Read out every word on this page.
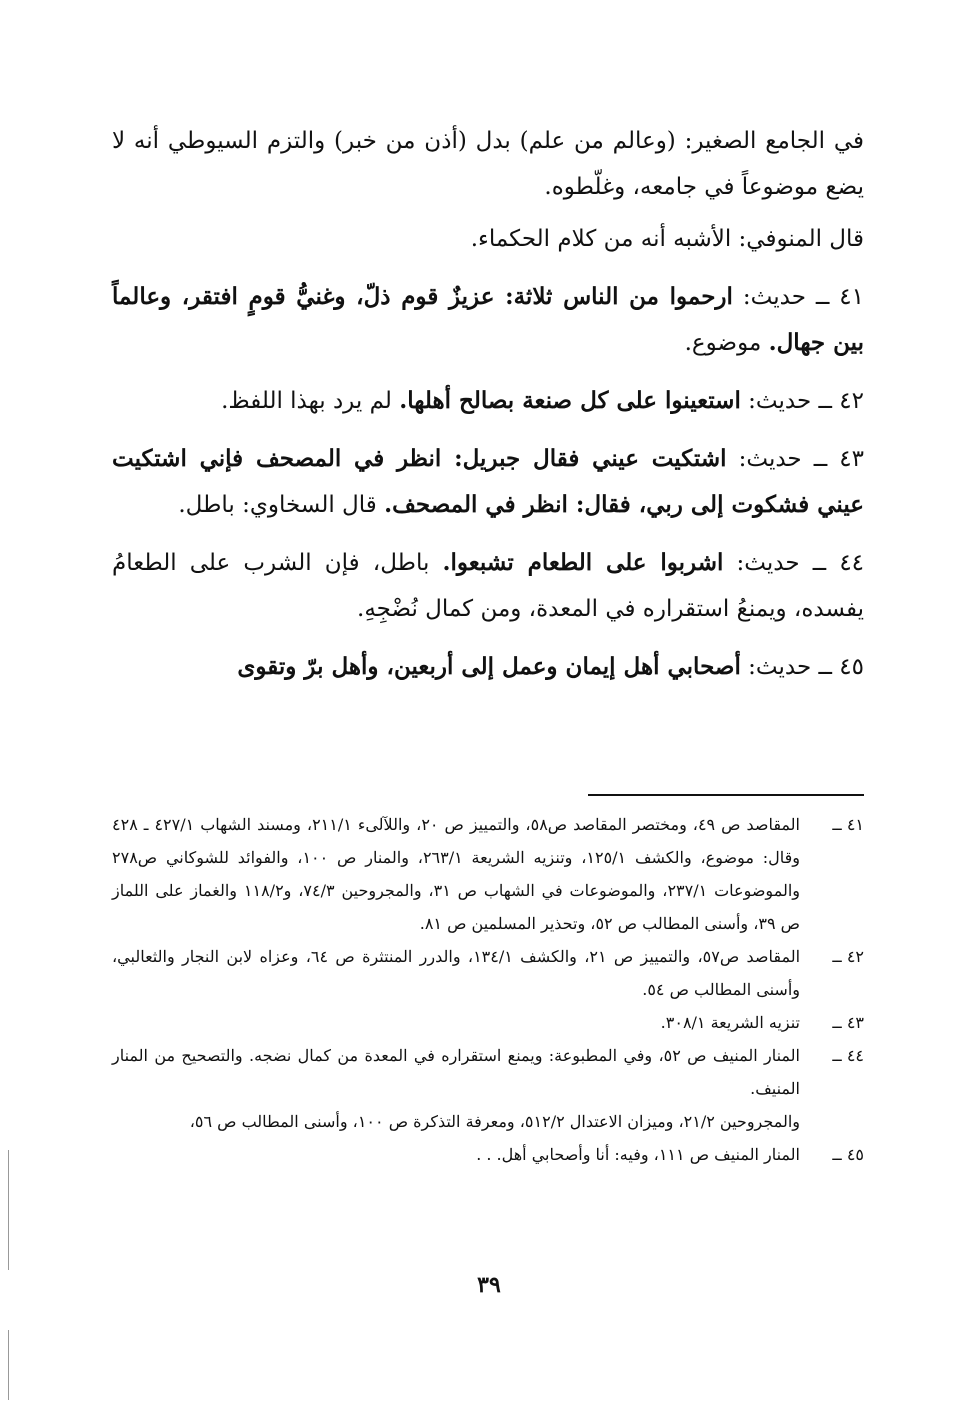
في الجامع الصغير: (وعالم من علم) بدل (أذن من خبر) والتزم السيوطي أنه لا يضع موضوعاً في جامعه، وغلّطوه.

قال المنوفي: الأشبه أنه من كلام الحكماء.

٤١ ــ حديث: ارحموا من الناس ثلاثة: عزيزٌ قوم ذلّ، وغنيُّ قومٍ افتقر، وعالماً بين جهال. موضوع.

٤٢ ــ حديث: استعينوا على كل صنعة بصالح أهلها. لم يرد بهذا اللفظ.

٤٣ ــ حديث: اشتكيت عيني فقال جبريل: انظر في المصحف فإني اشتكيت عيني فشكوت إلى ربي، فقال: انظر في المصحف. قال السخاوي: باطل.

٤٤ ــ حديث: اشربوا على الطعام تشبعوا. باطل، فإن الشرب على الطعامُ يفسده، ويمنعُ استقراره في المعدة، ومن كمال نُضْجِهِ.

٤٥ ــ حديث: أصحابي أهل إيمان وعمل إلى أربعين، وأهل برّ وتقوى

٤١ ــ
المقاصد ص ٤٩، ومختصر المقاصد ص٥٨، والتمييز ص ٢٠، واللآلىء ٢١١/١، ومسند الشهاب ٤٢٧/١ ـ ٤٢٨ وقال: موضوع، والكشف ١٢٥/١، وتنزيه الشريعة ٢٦٣/١، والمنار ص ١٠٠، والفوائد للشوكاني ص٢٧٨ والموضوعات ٢٣٧/١، والموضوعات في الشهاب ص ٣١، والمجروحين ٧٤/٣، و١١٨/٢ والغماز على اللماز ص ٣٩، وأسنى المطالب ص ٥٢، وتحذير المسلمين ص ٨١.
٤٢ ــ
المقاصد ص٥٧، والتمييز ص ٢١، والكشف ١٣٤/١، والدرر المنتثرة ص ٦٤، وعزاه لابن النجار والثعالبي، وأسنى المطالب ص ٥٤.
٤٣ ــ
تنزيه الشريعة ٣٠٨/١.
٤٤ ــ
المنار المنيف ص ٥٢، وفي المطبوعة: ويمنع استقراره في المعدة من كمال نضجه. والتصحيح من المنار المنيف.
والمجروحين ٢١/٢، وميزان الاعتدال ٥١٢/٢، ومعرفة التذكرة ص ١٠٠، وأسنى المطالب ص ٥٦،
٤٥ ــ
المنار المنيف ص ١١١، وفيه: أنا وأصحابي أهل. . .
٣٩
